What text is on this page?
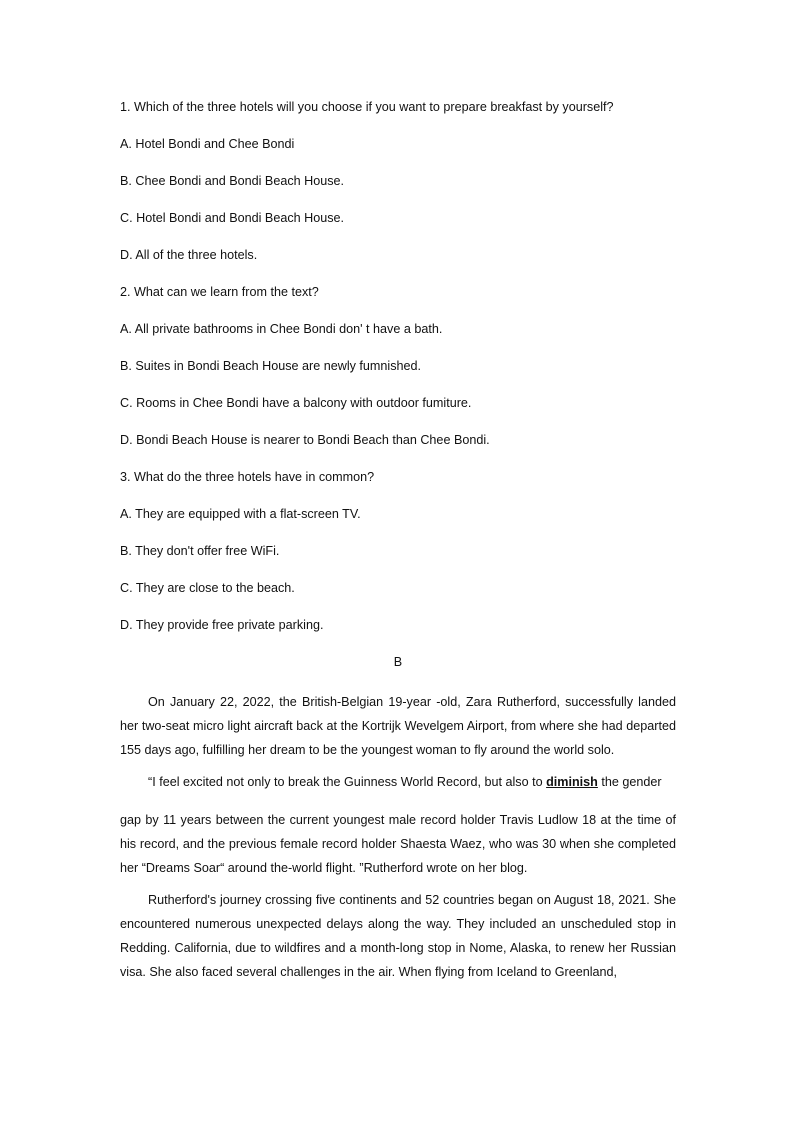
1. Which of the three hotels will you choose if you want to prepare breakfast by yourself?

A. Hotel Bondi and Chee Bondi

B. Chee Bondi and Bondi Beach House.

C. Hotel Bondi and Bondi Beach House.

D. All of the three hotels.

2. What can we learn from the text?

A. All private bathrooms in Chee Bondi don' t have a bath.

B. Suites in Bondi Beach House are newly fumnished.

C. Rooms in Chee Bondi have a balcony with outdoor fumiture.

D. Bondi Beach House is nearer to Bondi Beach than Chee Bondi.

3. What do the three hotels have in common?

A. They are equipped with a flat-screen TV.

B. They don't offer free WiFi.

C. They are close to the beach.

D. They provide free private parking.

B

On January 22, 2022, the British-Belgian 19-year -old, Zara Rutherford, successfully landed her two-seat micro light aircraft back at the Kortrijk Wevelgem Airport, from where she had departed 155 days ago, fulfilling her dream to be the youngest woman to fly around the world solo.

“I feel excited not only to break the Guinness World Record, but also to diminish the gender

gap by 11 years between the current youngest male record holder Travis Ludlow 18 at the time of his record, and the previous female record holder Shaesta Waez, who was 30 when she completed her “Dreams Soar“ around the-world flight. ”Rutherford wrote on her blog.

Rutherford's journey crossing five continents and 52 countries began on August 18, 2021. She encountered numerous unexpected delays along the way. They included an unscheduled stop in Redding. California, due to wildfires and a month-long stop in Nome, Alaska, to renew her Russian visa. She also faced several challenges in the air. When flying from Iceland to Greenland,
